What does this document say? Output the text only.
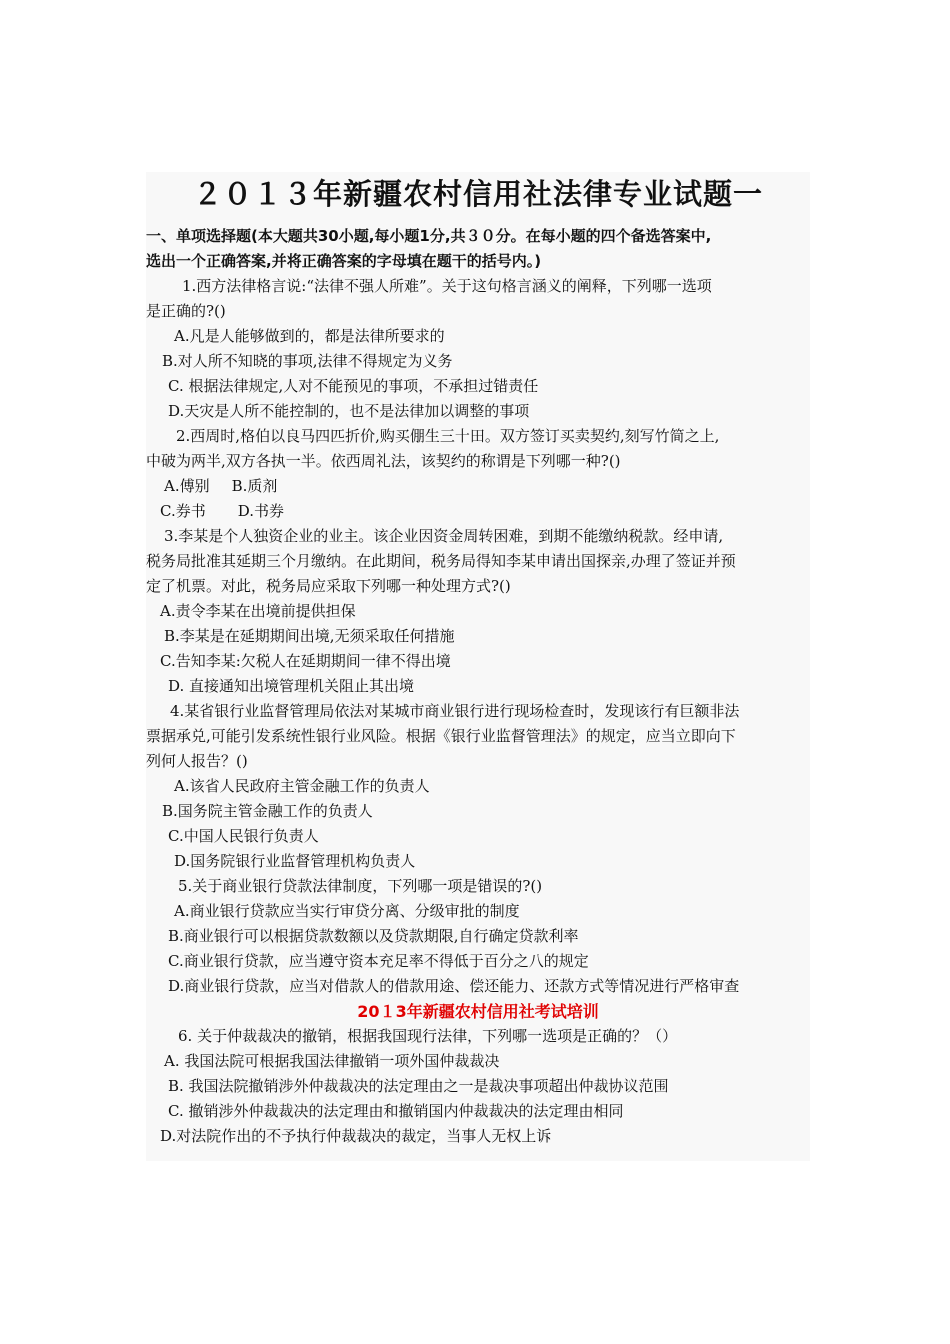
２０１３年新疆农村信用社法律专业试题一

一、单项选择题(本大题共30小题,每小题1分,共３０分。在每小题的四个备选答案中,

选出一个正确答案,并将正确答案的字母填在题干的括号内。)

1.西方法律格言说:“法律不强人所难”。关于这句格言涵义的阐释，下列哪一选项

是正确的?()

A.凡是人能够做到的，都是法律所要求的

B.对人所不知晓的事项,法律不得规定为义务

C. 根据法律规定,人对不能预见的事项，不承担过错责任

D.天灾是人所不能控制的，也不是法律加以调整的事项

2.西周时,格伯以良马四匹折价,购买倗生三十田。双方签订买卖契约,刻写竹简之上,

中破为两半,双方各执一半。依西周礼法，该契约的称谓是下列哪一种?()

A.傅别 B.质剂

C.券书 D.书券

3.李某是个人独资企业的业主。该企业因资金周转困难，到期不能缴纳税款。经申请,

税务局批准其延期三个月缴纳。在此期间，税务局得知李某申请出国探亲,办理了签证并预

定了机票。对此，税务局应采取下列哪一种处理方式?()

A.责令李某在出境前提供担保

B.李某是在延期期间出境,无须采取任何措施

C.告知李某:欠税人在延期期间一律不得出境

D. 直接通知出境管理机关阻止其出境

4.某省银行业监督管理局依法对某城市商业银行进行现场检查时，发现该行有巨额非法

票据承兑,可能引发系统性银行业风险。根据《银行业监督管理法》的规定，应当立即向下

列何人报告？()

A.该省人民政府主管金融工作的负责人

B.国务院主管金融工作的负责人

C.中国人民银行负责人

D.国务院银行业监督管理机构负责人

5.关于商业银行贷款法律制度，下列哪一项是错误的?()

A.商业银行贷款应当实行审贷分离、分级审批的制度

B.商业银行可以根据贷款数额以及贷款期限,自行确定贷款利率

C.商业银行贷款，应当遵守资本充足率不得低于百分之八的规定

D.商业银行贷款，应当对借款人的借款用途、偿还能力、还款方式等情况进行严格审查

20１3年新疆农村信用社考试培训

6. 关于仲裁裁决的撤销，根据我国现行法律，下列哪一选项是正确的？（）

A. 我国法院可根据我国法律撤销一项外国仲裁裁决

B. 我国法院撤销涉外仲裁裁决的法定理由之一是裁决事项超出仲裁协议范围

C. 撤销涉外仲裁裁决的法定理由和撤销国内仲裁裁决的法定理由相同

D.对法院作出的不予执行仲裁裁决的裁定，当事人无权上诉
